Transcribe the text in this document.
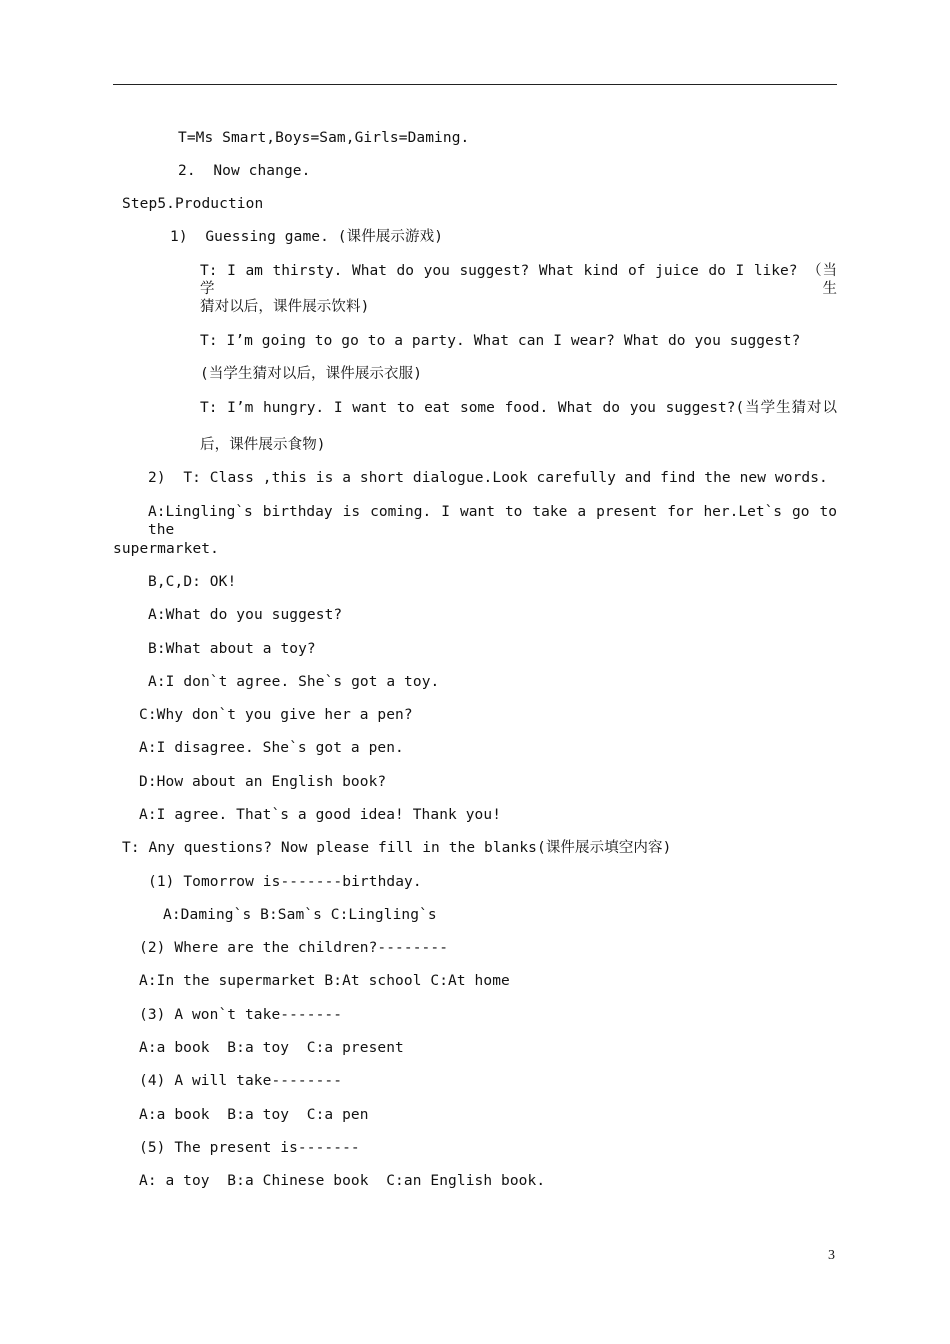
T=Ms Smart,Boys=Sam,Girls=Daming.
2.  Now change.
Step5.Production
1)  Guessing game. (课件展示游戏)
T: I am thirsty. What do you suggest? What kind of juice do I like? （当学生
猜对以后，课件展示饮料)
T: I’m going to go to a party. What can I wear? What do you suggest?
(当学生猜对以后，课件展示衣服)
T: I’m hungry. I want to eat some food. What do you suggest?(当学生猜对以
后，课件展示食物)
2)  T: Class ,this is a short dialogue.Look carefully and find the new words.
A:Lingling`s birthday is coming. I want to take a present for her.Let`s go to the
supermarket.
B,C,D: OK!
A:What do you suggest?
B:What about a toy?
A:I don`t agree. She`s got a toy.
C:Why don`t you give her a pen?
A:I disagree. She`s got a pen.
D:How about an English book?
A:I agree. That`s a good idea! Thank you!
T: Any questions? Now please fill in the blanks(课件展示填空内容)
(1) Tomorrow is-------birthday.
A:Daming`s B:Sam`s C:Lingling`s
(2) Where are the children?--------
A:In the supermarket B:At school C:At home
(3) A won`t take-------
A:a book  B:a toy  C:a present
(4) A will take--------
A:a book  B:a toy  C:a pen
(5) The present is-------
A: a toy  B:a Chinese book  C:an English book.
3
